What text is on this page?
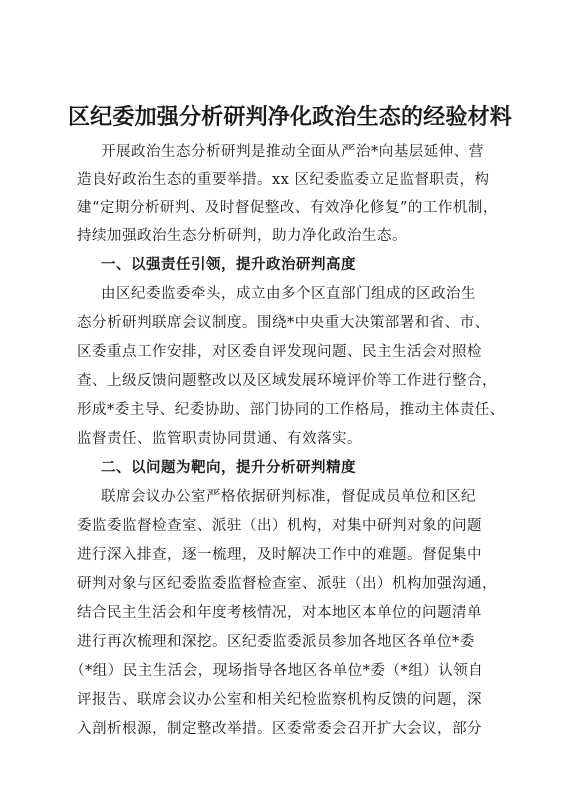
区纪委加强分析研判净化政治生态的经验材料
开展政治生态分析研判是推动全面从严治*向基层延伸、营
造良好政治生态的重要举措。xx 区纪委监委立足监督职责，构
建“定期分析研判、及时督促整改、有效净化修复”的工作机制，
持续加强政治生态分析研判，助力净化政治生态。
一、以强责任引领，提升政治研判高度
由区纪委监委牵头，成立由多个区直部门组成的区政治生
态分析研判联席会议制度。围绕*中央重大决策部署和省、市、
区委重点工作安排，对区委自评发现问题、民主生活会对照检
查、上级反馈问题整改以及区域发展环境评价等工作进行整合，
形成*委主导、纪委协助、部门协同的工作格局，推动主体责任、
监督责任、监管职责协同贯通、有效落实。
二、以问题为靶向，提升分析研判精度
联席会议办公室严格依据研判标准，督促成员单位和区纪
委监委监督检查室、派驻（出）机构，对集中研判对象的问题
进行深入排查，逐一梳理，及时解决工作中的难题。督促集中
研判对象与区纪委监委监督检查室、派驻（出）机构加强沟通，
结合民主生活会和年度考核情况，对本地区本单位的问题清单
进行再次梳理和深挖。区纪委监委派员参加各地区各单位*委
（*组）民主生活会，现场指导各地区各单位*委（*组）认领自
评报告、联席会议办公室和相关纪检监察机构反馈的问题，深
入剖析根源，制定整改举措。区委常委会召开扩大会议，部分
